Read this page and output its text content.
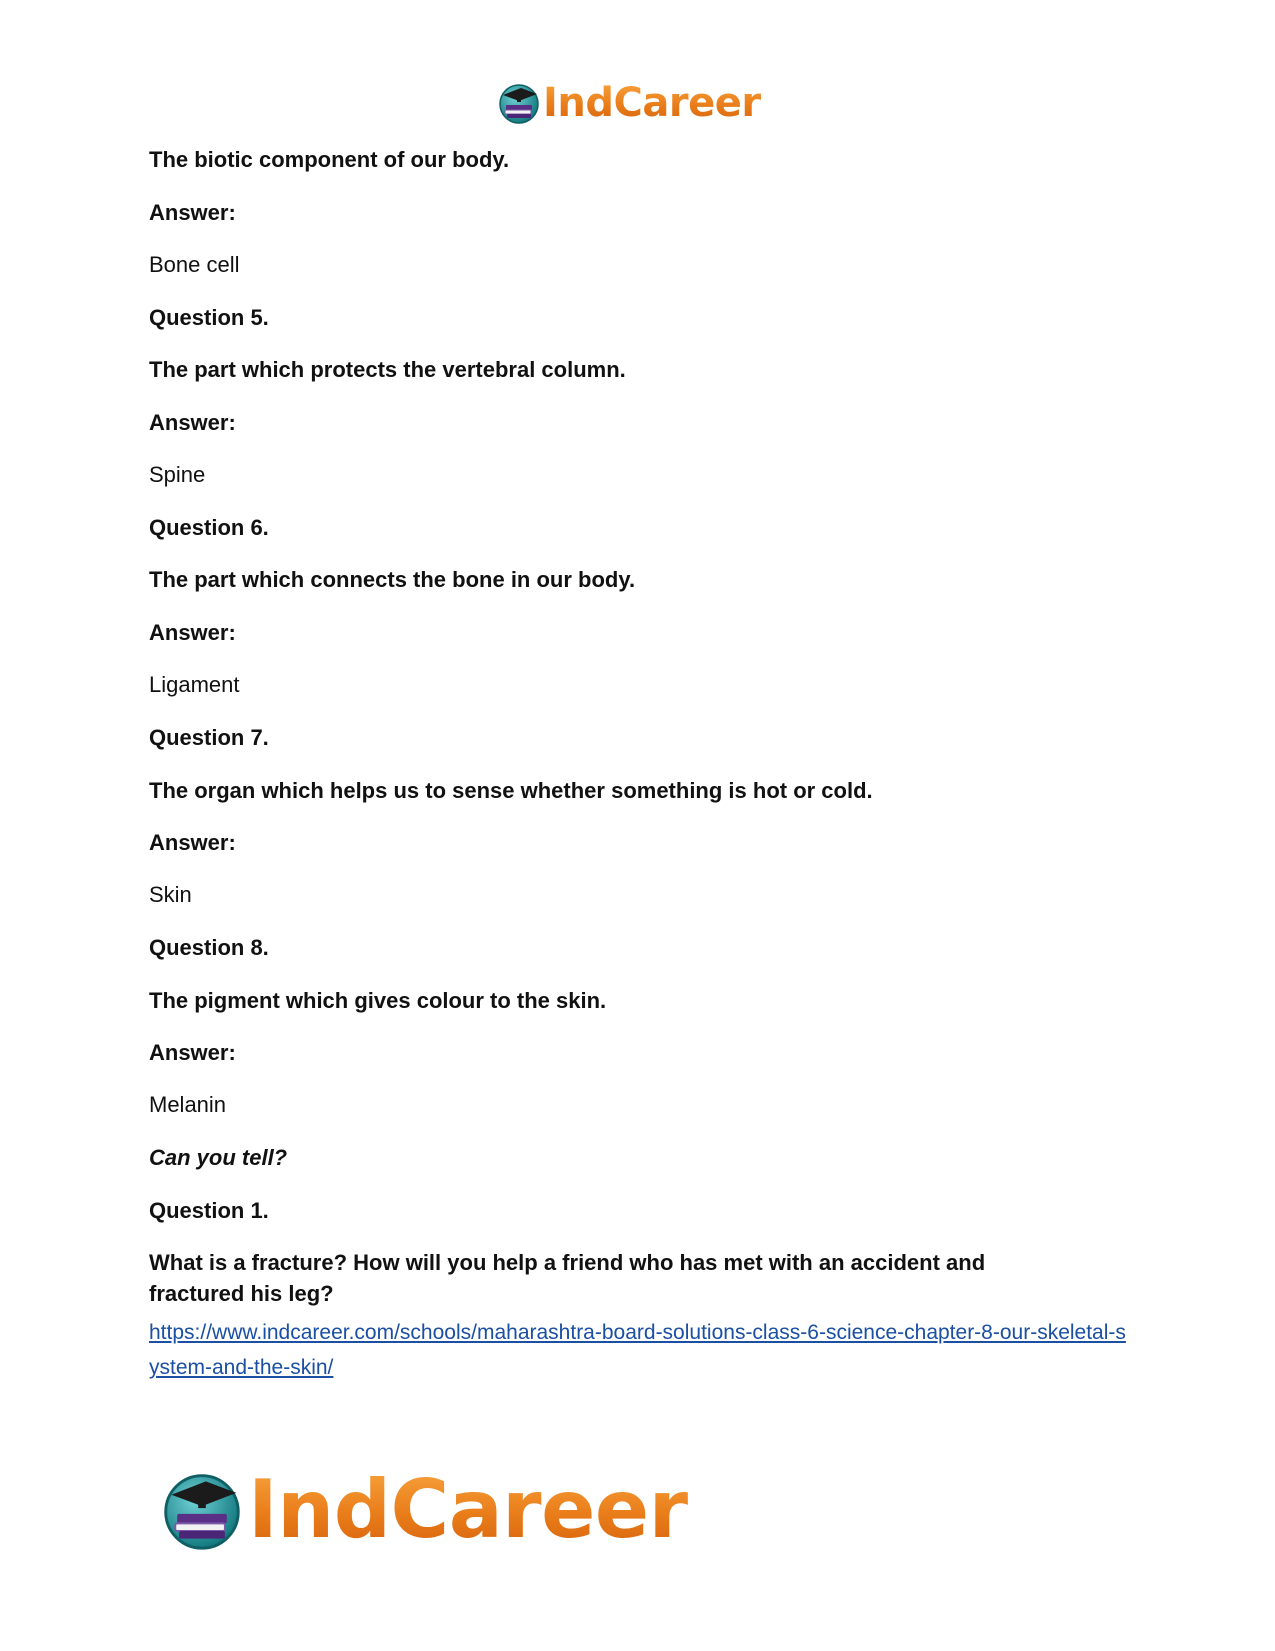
IndCareer

The biotic component of our body.

Answer:

Bone cell

Question 5.

The part which protects the vertebral column.

Answer:

Spine

Question 6.

The part which connects the bone in our body.

Answer:

Ligament

Question 7.

The organ which helps us to sense whether something is hot or cold.

Answer:

Skin

Question 8.

The pigment which gives colour to the skin.

Answer:

Melanin

Can you tell?

Question 1.

What is a fracture? How will you help a friend who has met with an accident and fractured his leg?

https://www.indcareer.com/schools/maharashtra-board-solutions-class-6-science-chapter-8-our-skeletal-system-and-the-skin/
IndCareer
